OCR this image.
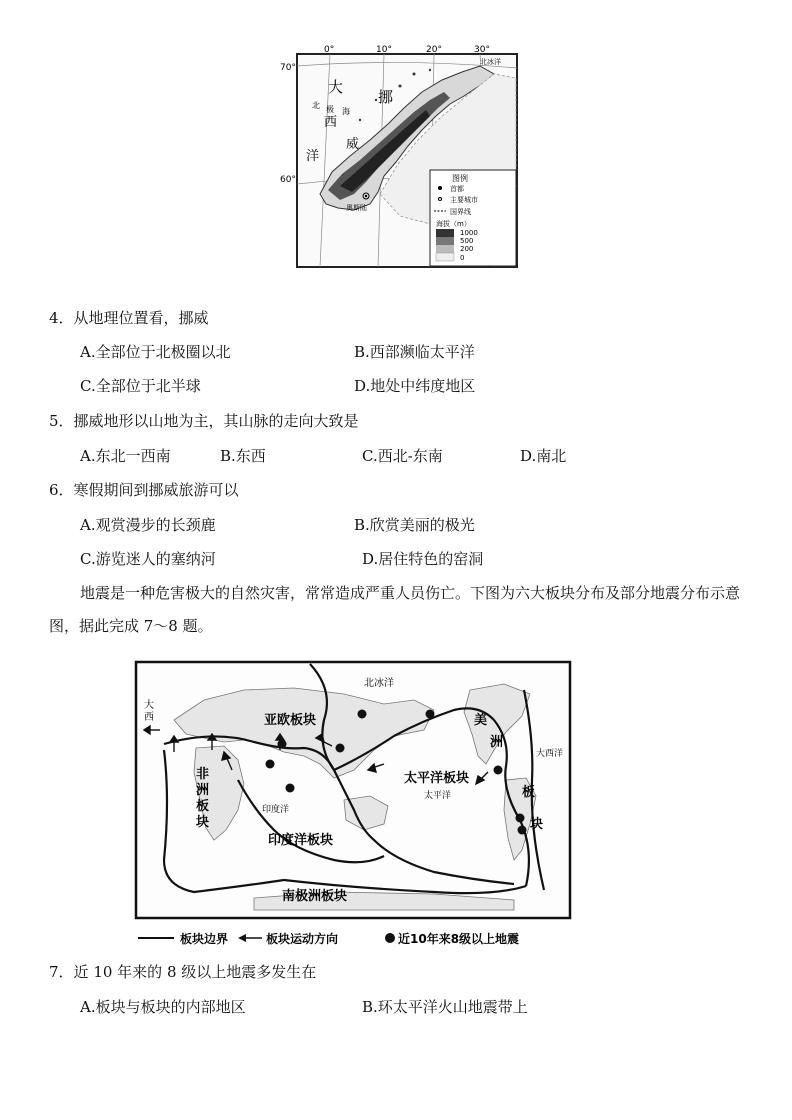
0°	10°	20°	30°
70°
60°
北冰洋
大
西
洋
挪
威
北 极 海
奥斯陆
图例
首都
主要城市
国界线
海拔（m）
1000
500
200
0
4．从地理位置看，挪威
A.全部位于北极圈以北	B.西部濒临太平洋
C.全部位于北半球	D.地处中纬度地区
5．挪威地形以山地为主，其山脉的走向大致是
A.东北一西南	B.东西	C.西北-东南	D.南北
6．寒假期间到挪威旅游可以
A.观赏漫步的长颈鹿	B.欣赏美丽的极光
C.游览迷人的塞纳河	D.居住特色的窑洞
地震是一种危害极大的自然灾害，常常造成严重人员伤亡。下图为六大板块分布及部分地震分布示意图，据此完成 7～8 题。
北冰洋
亚欧板块
非
洲
板
块
太平洋板块
太平洋
印度洋
印度洋板块
南极洲板块
大
西	美
洲
板
块
大西洋
板块边界	板块运动方向	近10年来8级以上地震
7．近 10 年来的 8 级以上地震多发生在
A.板块与板块的内部地区	B.环太平洋火山地震带上
